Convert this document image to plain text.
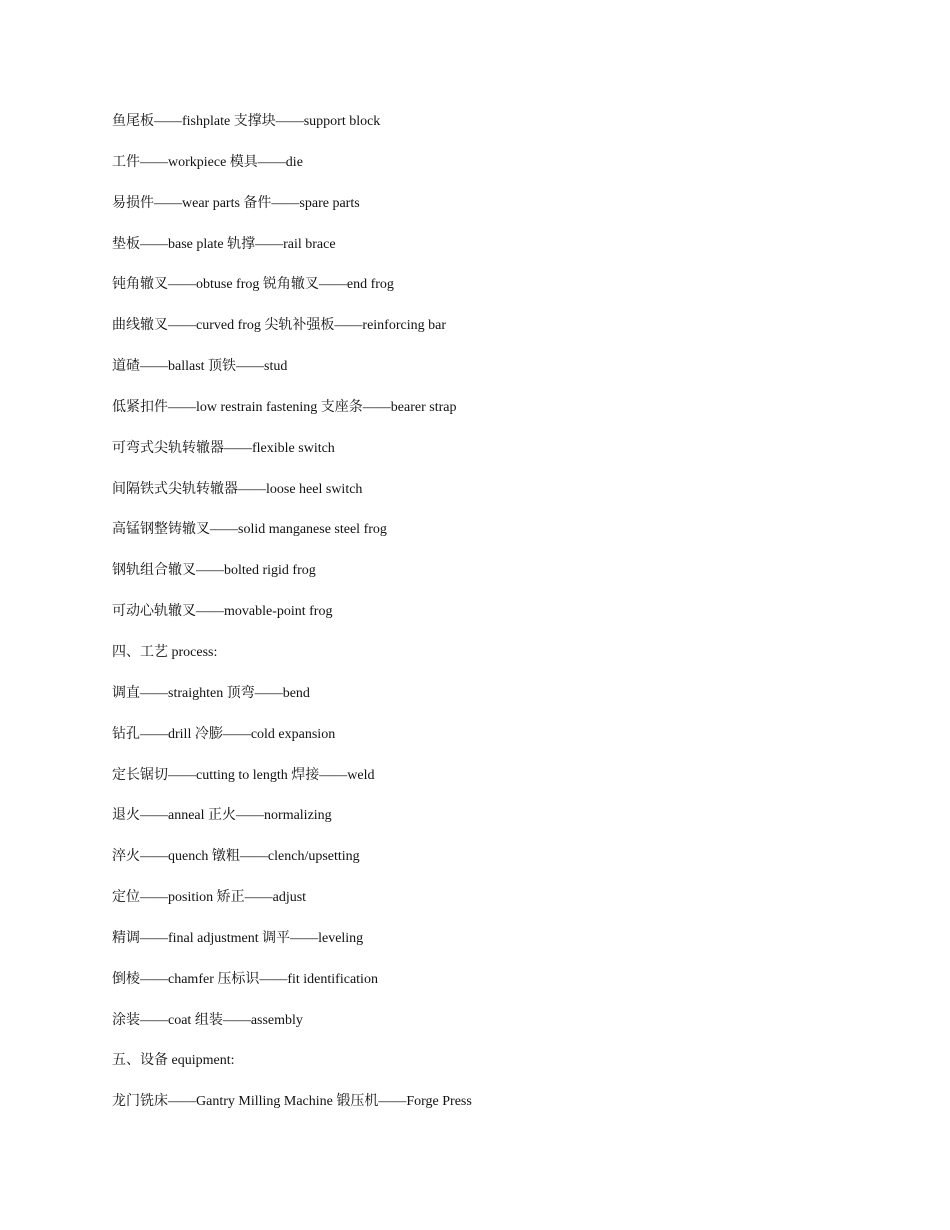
鱼尾板——fishplate 支撑块——support block
工件——workpiece 模具——die
易损件——wear parts 备件——spare parts
垫板——base plate 轨撑——rail brace
钝角辙叉——obtuse frog 锐角辙叉——end frog
曲线辙叉——curved frog 尖轨补强板——reinforcing bar
道碴——ballast 顶铁——stud
低紧扣件——low restrain fastening 支座条——bearer strap
可弯式尖轨转辙器——flexible switch
间隔铁式尖轨转辙器——loose heel switch
高锰钢整铸辙叉——solid manganese steel frog
钢轨组合辙叉——bolted rigid frog
可动心轨辙叉——movable-point frog
四、工艺 process:
调直——straighten 顶弯——bend
钻孔——drill 冷膨——cold expansion
定长锯切——cutting to length 焊接——weld
退火——anneal 正火——normalizing
淬火——quench 镦粗——clench/upsetting
定位——position 矫正——adjust
精调——final adjustment 调平——leveling
倒棱——chamfer 压标识——fit identification
涂装——coat 组装——assembly
五、设备 equipment:
龙门铣床——Gantry Milling Machine 锻压机——Forge Press
